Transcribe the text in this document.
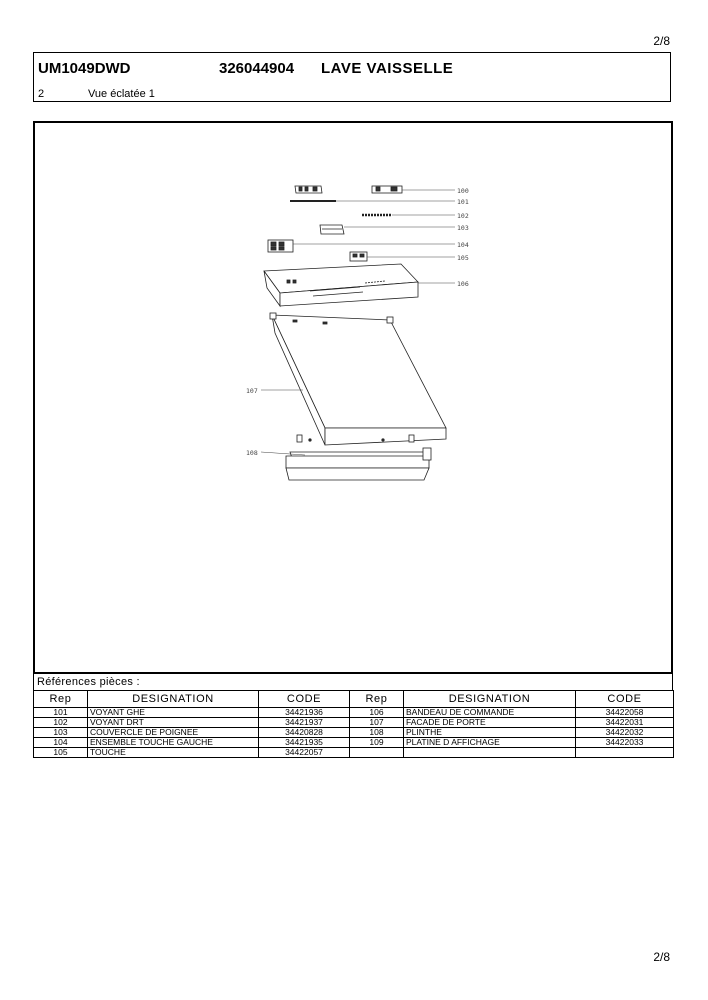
2/8
UM1049DWD	326044904 LAVE VAISSELLE
2	Vue éclatée 1
100
101
102
103
104
105
106
107
108
Références pièces :
Rep	DESIGNATION	CODE	Rep	DESIGNATION	CODE
101	VOYANT GHE	34421936	106	BANDEAU DE COMMANDE	34422058
102	VOYANT DRT	34421937	107	FACADE DE PORTE	34422031
103	COUVERCLE DE POIGNEE	34420828	108	PLINTHE	34422032
104	ENSEMBLE TOUCHE GAUCHE	34421935	109	PLATINE D AFFICHAGE	34422033
105	TOUCHE	34422057			
2/8
